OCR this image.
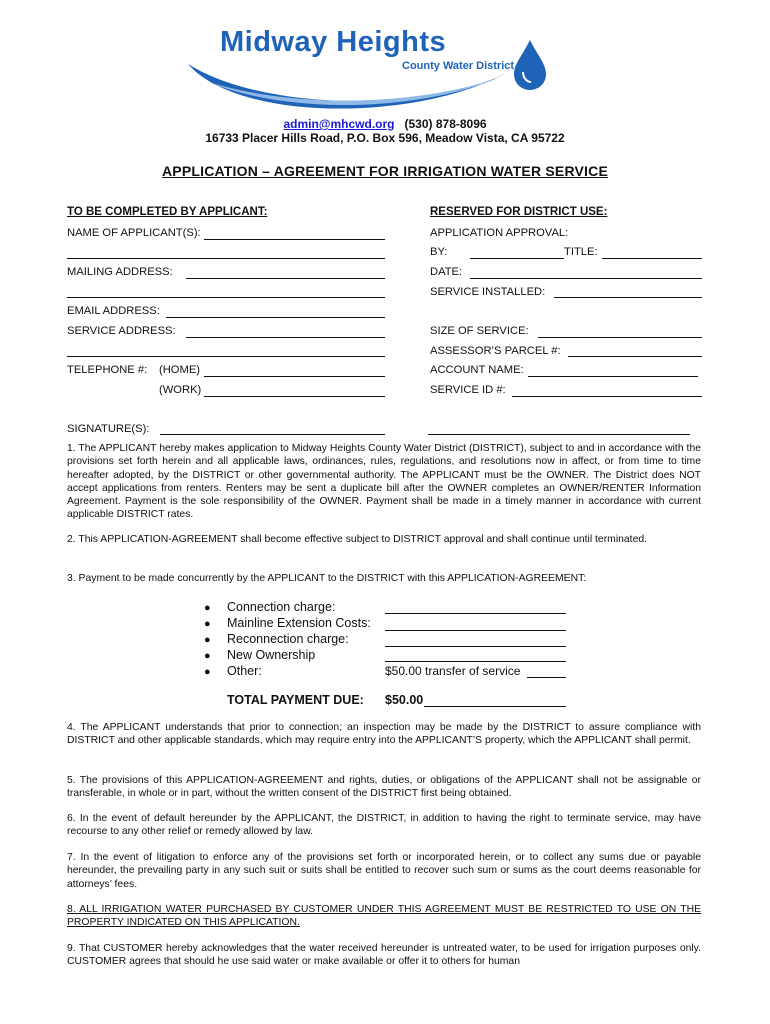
Midway Heights
County Water District
admin@mhcwd.org (530) 878-8096
16733 Placer Hills Road, P.O. Box 596, Meadow Vista, CA 95722
APPLICATION – AGREEMENT FOR IRRIGATION WATER SERVICE
TO BE COMPLETED BY APPLICANT:
NAME OF APPLICANT(S):
MAILING ADDRESS:
EMAIL ADDRESS:
SERVICE ADDRESS:
TELEPHONE #: (HOME)
(WORK)
SIGNATURE(S):
RESERVED FOR DISTRICT USE:
APPLICATION APPROVAL:
BY:	TITLE:
DATE:
SERVICE INSTALLED:
SIZE OF SERVICE:
ASSESSOR’S PARCEL #:
ACCOUNT NAME:
SERVICE ID #:

1. The APPLICANT hereby makes application to Midway Heights County Water District (DISTRICT), subject to and in accordance with the provisions set forth herein and all applicable laws, ordinances, rules, regulations, and resolutions now in affect, or from time to time hereafter adopted, by the DISTRICT or other governmental authority. The APPLICANT must be the OWNER. The District does NOT accept applications from renters. Renters may be sent a duplicate bill after the OWNER completes an OWNER/RENTER Information Agreement. Payment is the sole responsibility of the OWNER. Payment shall be made in a timely manner in accordance with current applicable DISTRICT rates.

2. This APPLICATION-AGREEMENT shall become effective subject to DISTRICT approval and shall continue until terminated.

3. Payment to be made concurrently by the APPLICANT to the DISTRICT with this APPLICATION-AGREEMENT:

● Connection charge:
● Mainline Extension Costs:
● Reconnection charge:
● New Ownership
● Other:	$50.00 transfer of service
TOTAL PAYMENT DUE: $50.00

4. The APPLICANT understands that prior to connection; an inspection may be made by the DISTRICT to assure compliance with DISTRICT and other applicable standards, which may require entry into the APPLICANT’S property, which the APPLICANT shall permit.

5. The provisions of this APPLICATION-AGREEMENT and rights, duties, or obligations of the APPLICANT shall not be assignable or transferable, in whole or in part, without the written consent of the DISTRICT first being obtained.

6. In the event of default hereunder by the APPLICANT, the DISTRICT, in addition to having the right to terminate service, may have recourse to any other relief or remedy allowed by law.

7. In the event of litigation to enforce any of the provisions set forth or incorporated herein, or to collect any sums due or payable hereunder, the prevailing party in any such suit or suits shall be entitled to recover such sum or sums as the court deems reasonable for attorneys’ fees.

8. ALL IRRIGATION WATER PURCHASED BY CUSTOMER UNDER THIS AGREEMENT MUST BE RESTRICTED TO USE ON THE PROPERTY INDICATED ON THIS APPLICATION.

9. That CUSTOMER hereby acknowledges that the water received hereunder is untreated water, to be used for irrigation purposes only. CUSTOMER agrees that should he use said water or make available or offer it to others for human
